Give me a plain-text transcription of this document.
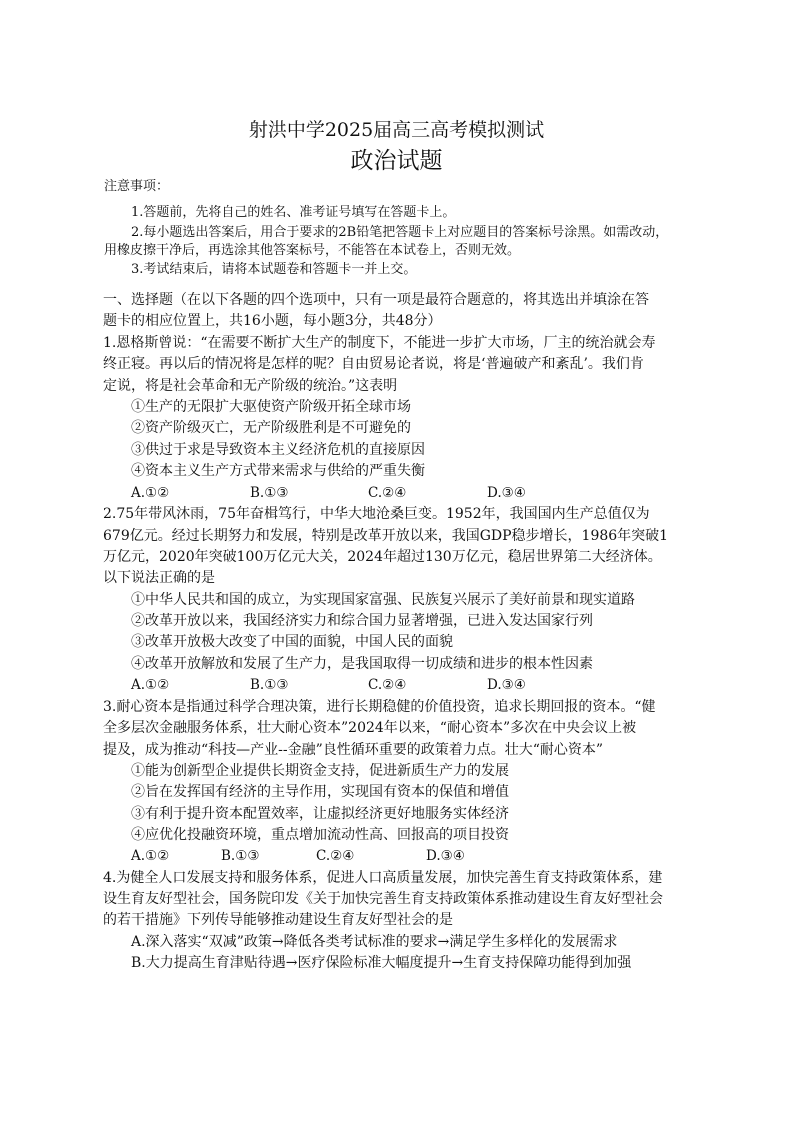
射洪中学2025届高三高考模拟测试
政治试题
注意事项：
1.答题前，先将自己的姓名、准考证号填写在答题卡上。
2.每小题选出答案后，用合于要求的2B铅笔把答题卡上对应题目的答案标号涂黑。如需改动，
用橡皮擦干净后，再选涂其他答案标号，不能答在本试卷上，否则无效。
3.考试结束后，请将本试题卷和答题卡一并上交。
一、选择题（在以下各题的四个选项中，只有一项是最符合题意的，将其选出并填涂在答
题卡的相应位置上，共16小题，每小题3分，共48分）
1.恩格斯曾说：“在需要不断扩大生产的制度下，不能进一步扩大市场，厂主的统治就会寿
终正寝。再以后的情况将是怎样的呢？自由贸易论者说，将是‘普遍破产和紊乱’。我们肯
定说，将是社会革命和无产阶级的统治。”这表明
①生产的无限扩大驱使资产阶级开拓全球市场
②资产阶级灭亡，无产阶级胜利是不可避免的
③供过于求是导致资本主义经济危机的直接原因
④资本主义生产方式带来需求与供给的严重失衡
A.①②	B.①③	C.②④	D.③④
2.75年带风沐雨，75年奋楫笃行，中华大地沧桑巨变。1952年，我国国内生产总值仅为
679亿元。经过长期努力和发展，特别是改革开放以来，我国GDP稳步增长，1986年突破1
万亿元，2020年突破100万亿元大关，2024年超过130万亿元，稳居世界第二大经济体。
以下说法正确的是
①中华人民共和国的成立，为实现国家富强、民族复兴展示了美好前景和现实道路
②改革开放以来，我国经济实力和综合国力显著增强，已进入发达国家行列
③改革开放极大改变了中国的面貌，中国人民的面貌
④改革开放解放和发展了生产力，是我国取得一切成绩和进步的根本性因素
A.①②	B.①③	C.②④	D.③④
3.耐心资本是指通过科学合理决策，进行长期稳健的价值投资，追求长期回报的资本。“健
全多层次金融服务体系，壮大耐心资本”2024年以来，“耐心资本”多次在中央会议上被
提及，成为推动“科技—产业--金融”良性循环重要的政策着力点。壮大“耐心资本”
①能为创新型企业提供长期资金支持，促进新质生产力的发展
②旨在发挥国有经济的主导作用，实现国有资本的保值和增值
③有利于提升资本配置效率，让虚拟经济更好地服务实体经济
④应优化投融资环境，重点增加流动性高、回报高的项目投资
A.①②	B.①③	C.②④	D.③④
4.为健全人口发展支持和服务体系，促进人口高质量发展，加快完善生育支持政策体系，建
设生育友好型社会，国务院印发《关于加快完善生育支持政策体系推动建设生育友好型社会
的若干措施》下列传导能够推动建设生育友好型社会的是
A.深入落实“双减”政策→降低各类考试标准的要求→满足学生多样化的发展需求
B.大力提高生育津贴待遇→医疗保险标准大幅度提升→生育支持保障功能得到加强
